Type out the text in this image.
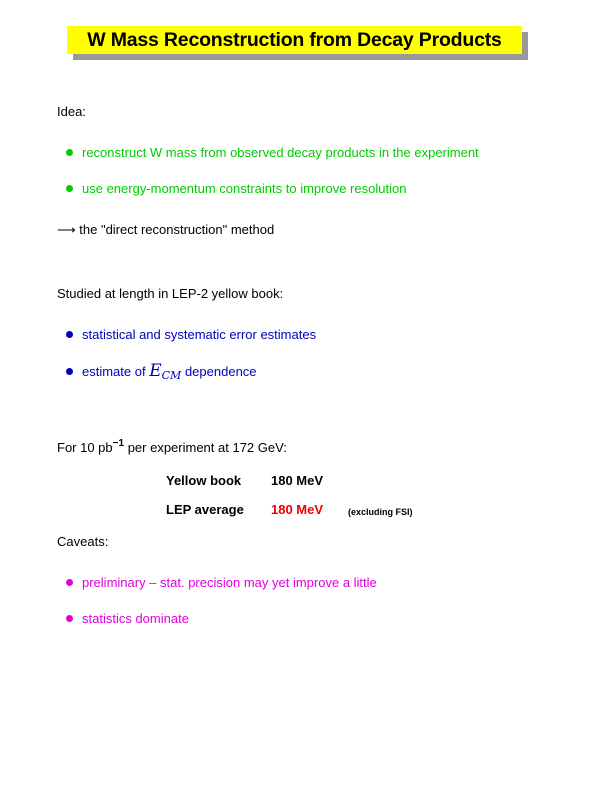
W Mass Reconstruction from Decay Products
Idea:
reconstruct W mass from observed decay products in the experiment
use energy-momentum constraints to improve resolution
⟶ the "direct reconstruction" method
Studied at length in LEP-2 yellow book:
statistical and systematic error estimates
estimate of $E_{CM}$ dependence
For 10 $pb^{-1}$ per experiment at 172 GeV:
Yellow book 180 MeV
LEP average 180 MeV	(excluding FSI)
Caveats:
preliminary – stat. precision may yet improve a little
statistics dominate
